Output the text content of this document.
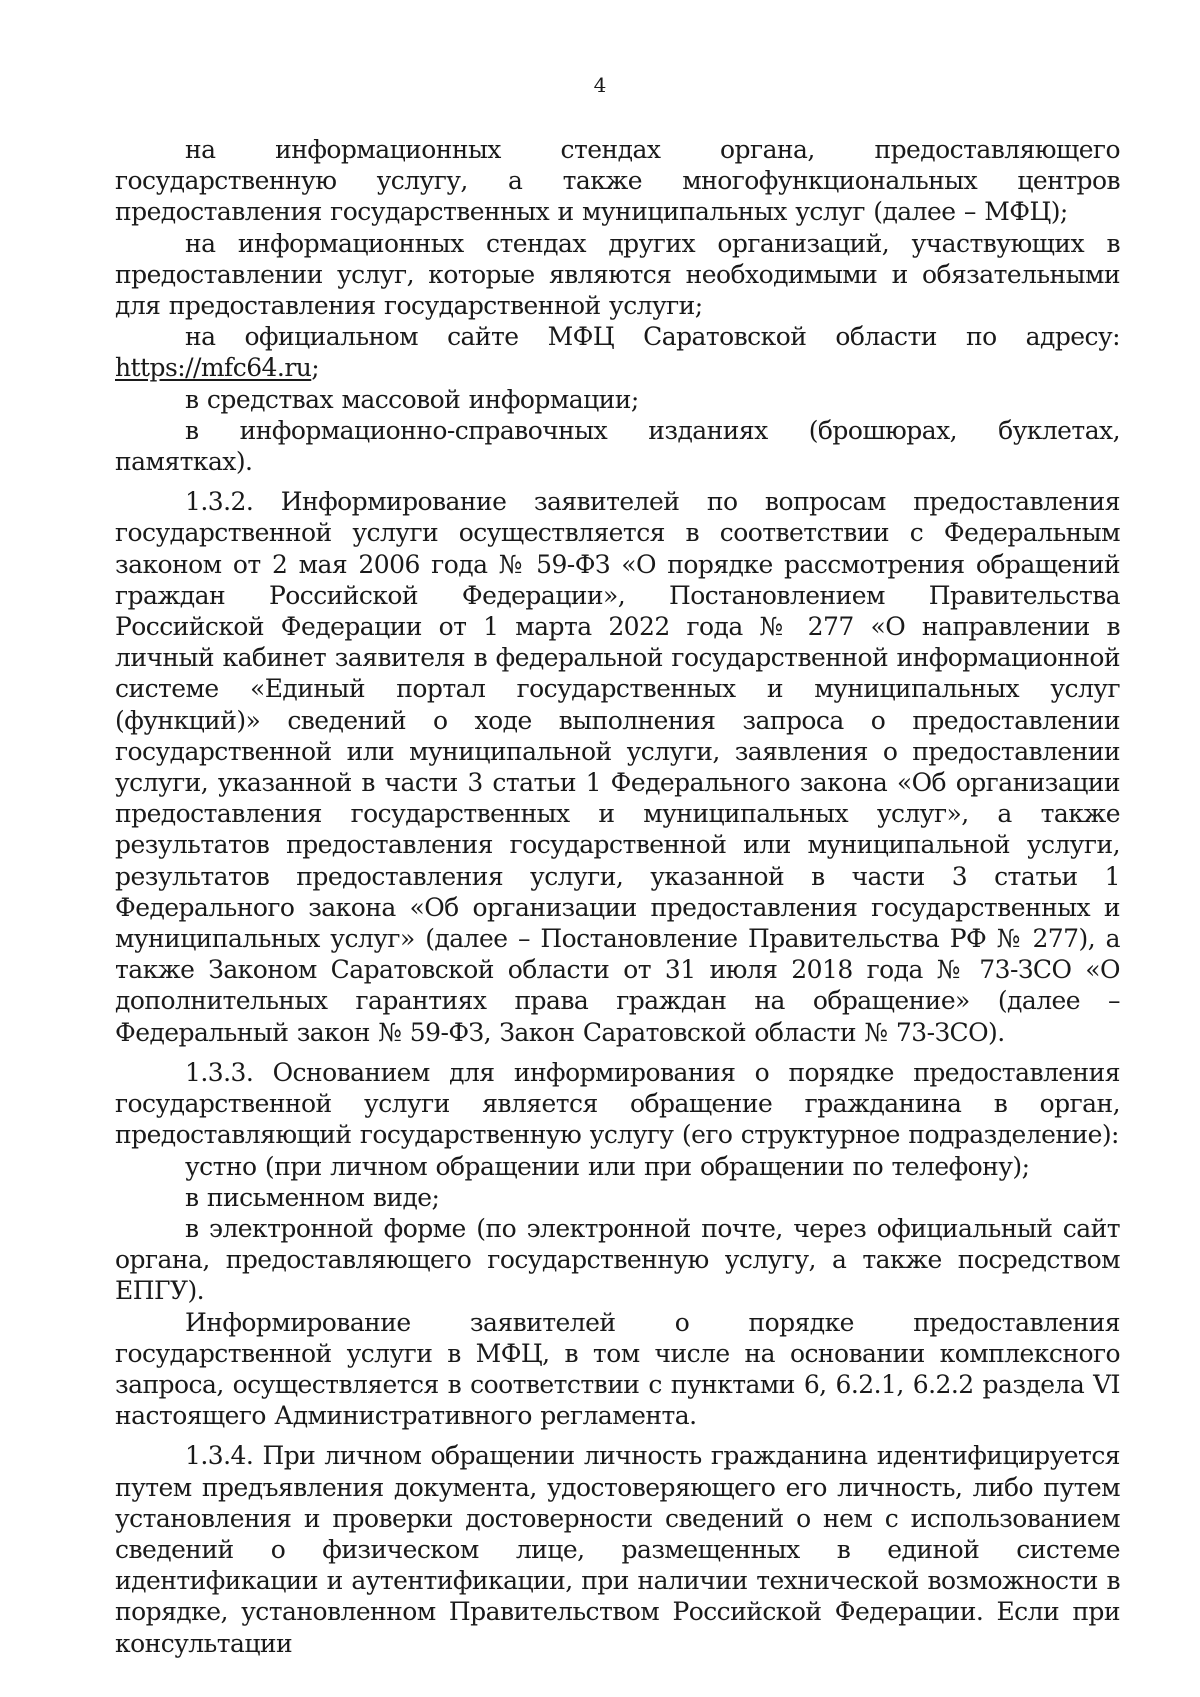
4

на информационных стендах органа, предоставляющего государственную услугу, а также многофункциональных центров предоставления государственных и муниципальных услуг (далее – МФЦ);

на информационных стендах других организаций, участвующих в предоставлении услуг, которые являются необходимыми и обязательными для предоставления государственной услуги;

на официальном сайте МФЦ Саратовской области по адресу: https://mfc64.ru;

в средствах массовой информации;

в информационно-справочных изданиях (брошюрах, буклетах, памятках).

1.3.2. Информирование заявителей по вопросам предоставления государственной услуги осуществляется в соответствии с Федеральным законом от 2 мая 2006 года № 59-ФЗ «О порядке рассмотрения обращений граждан Российской Федерации», Постановлением Правительства Российской Федерации от 1 марта 2022 года № 277 «О направлении в личный кабинет заявителя в федеральной государственной информационной системе «Единый портал государственных и муниципальных услуг (функций)» сведений о ходе выполнения запроса о предоставлении государственной или муниципальной услуги, заявления о предоставлении услуги, указанной в части 3 статьи 1 Федерального закона «Об организации предоставления государственных и муниципальных услуг», а также результатов предоставления государственной или муниципальной услуги, результатов предоставления услуги, указанной в части 3 статьи 1 Федерального закона «Об организации предоставления государственных и муниципальных услуг» (далее – Постановление Правительства РФ № 277), а также Законом Саратовской области от 31 июля 2018 года № 73-ЗСО «О дополнительных гарантиях права граждан на обращение» (далее – Федеральный закон № 59-ФЗ, Закон Саратовской области № 73-ЗСО).

1.3.3. Основанием для информирования о порядке предоставления государственной услуги является обращение гражданина в орган, предоставляющий государственную услугу (его структурное подразделение):

устно (при личном обращении или при обращении по телефону);

в письменном виде;

в электронной форме (по электронной почте, через официальный сайт органа, предоставляющего государственную услугу, а также посредством ЕПГУ).

Информирование заявителей о порядке предоставления государственной услуги в МФЦ, в том числе на основании комплексного запроса, осуществляется в соответствии с пунктами 6, 6.2.1, 6.2.2 раздела VI настоящего Административного регламента.

1.3.4. При личном обращении личность гражданина идентифицируется путем предъявления документа, удостоверяющего его личность, либо путем установления и проверки достоверности сведений о нем с использованием сведений о физическом лице, размещенных в единой системе идентификации и аутентификации, при наличии технической возможности в порядке, установленном Правительством Российской Федерации. Если при консультации
